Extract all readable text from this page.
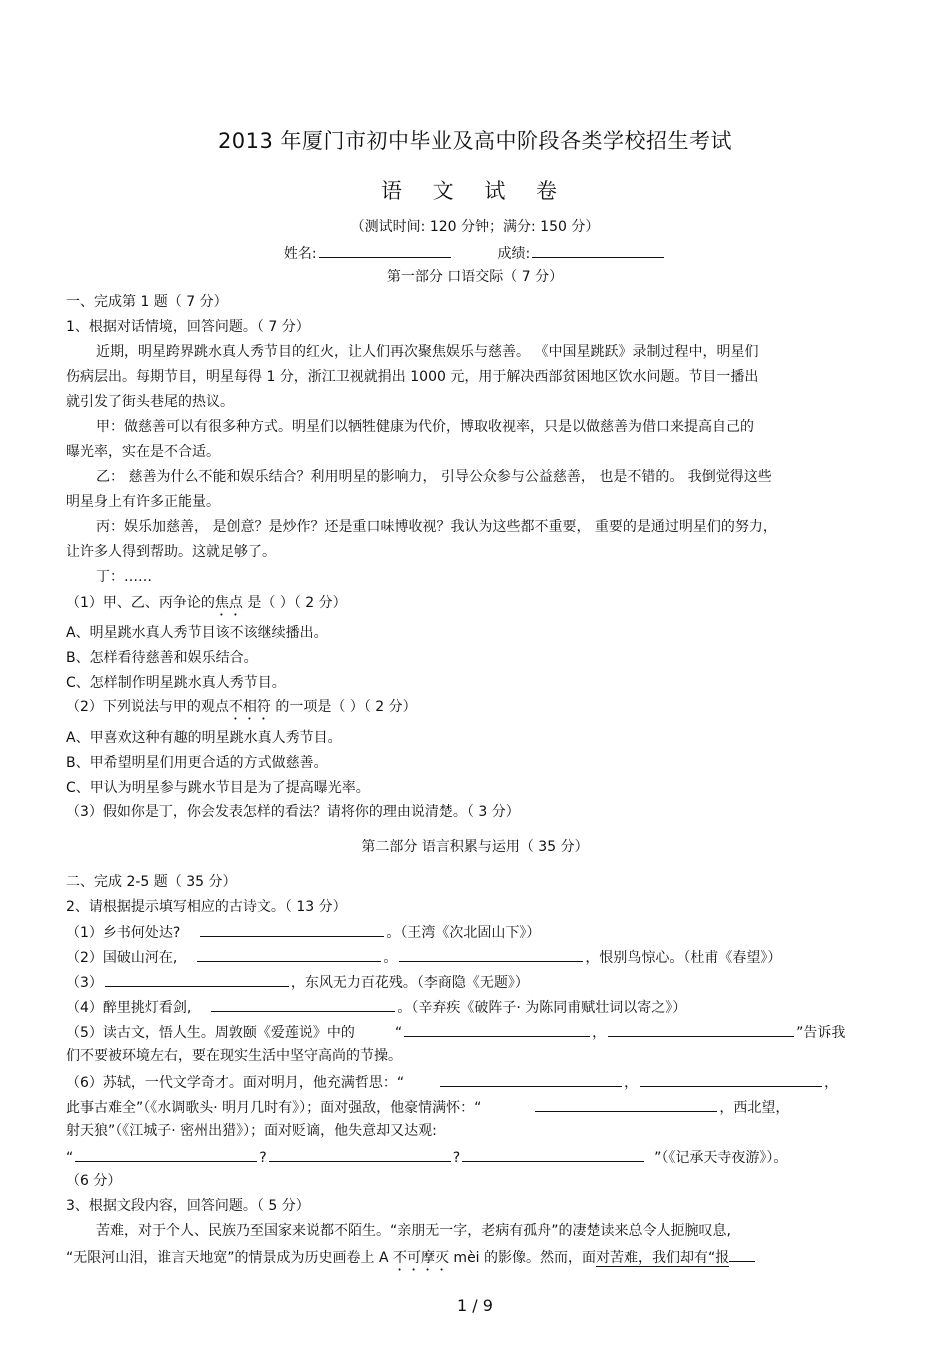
2013 年厦门市初中毕业及高中阶段各类学校招生考试
语 文 试 卷
（测试时间: 120 分钟；满分: 150 分）
姓名:	成绩:
第一部分 口语交际（ 7 分）
一、完成第 1 题（ 7 分）
1、根据对话情境，回答问题。（ 7 分）
近期，明星跨界跳水真人秀节目的红火，让人们再次聚焦娱乐与慈善。 《中国星跳跃》录制过程中，明星们
伤病层出。每期节目，明星每得 1 分，浙江卫视就捐出 1000 元，用于解决西部贫困地区饮水问题。节目一播出
就引发了街头巷尾的热议。
甲：做慈善可以有很多种方式。明星们以牺牲健康为代价，博取收视率，只是以做慈善为借口来提高自己的
曝光率，实在是不合适。
乙： 慈善为什么不能和娱乐结合？利用明星的影响力， 引导公众参与公益慈善， 也是不错的。 我倒觉得这些
明星身上有许多正能量。
丙：娱乐加慈善， 是创意？是炒作？还是重口味博收视？我认为这些都不重要， 重要的是通过明星们的努力，
让许多人得到帮助。这就足够了。
丁：……
（1）甲、乙、丙争论的焦点 是（ ）（ 2 分）
A、明星跳水真人秀节目该不该继续播出。
B、怎样看待慈善和娱乐结合。
C、怎样制作明星跳水真人秀节目。
（2）下列说法与甲的观点不相符 的一项是（ ）（ 2 分）
A、甲喜欢这种有趣的明星跳水真人秀节目。
B、甲希望明星们用更合适的方式做慈善。
C、甲认为明星参与跳水节目是为了提高曝光率。
（3）假如你是丁，你会发表怎样的看法？请将你的理由说清楚。（ 3 分）
第二部分 语言积累与运用（ 35 分）
二、完成 2-5 题（ 35 分）
2、请根据提示填写相应的古诗文。（ 13 分）
（1）乡书何处达?	。（王湾《次北固山下》）
（2）国破山河在,	。	，恨别鸟惊心。（杜甫《春望》）
（3）	，东风无力百花残。（李商隐《无题》）
（4）醉里挑灯看剑,	。（辛弃疾《破阵子· 为陈同甫赋壮词以寄之》）
（5）读古文，悟人生。周敦颐《爱莲说》中的	“	，	”告诉我
们不要被环境左右，要在现实生活中坚守高尚的节操。
（6）苏轼，一代文学奇才。面对明月，他充满哲思：“	，	，
此事古难全”（《水调歌头· 明月几时有》）；面对强敌，他豪情满怀：“	，西北望，
射天狼”（《江城子· 密州出猎》）；面对贬谪，他失意却又达观:
“	?	?	”（《记承天寺夜游》）。
（6 分）
3、根据文段内容，回答问题。（ 5 分）
苦难，对于个人、民族乃至国家来说都不陌生。“亲朋无一字，老病有孤舟”的凄楚读来总令人扼腕叹息,
“无限河山泪，谁言天地宽”的情景成为历史画卷上 A 不可摩灭 mèi 的影像。然而，面对苦难，我们却有“报
1 / 9
